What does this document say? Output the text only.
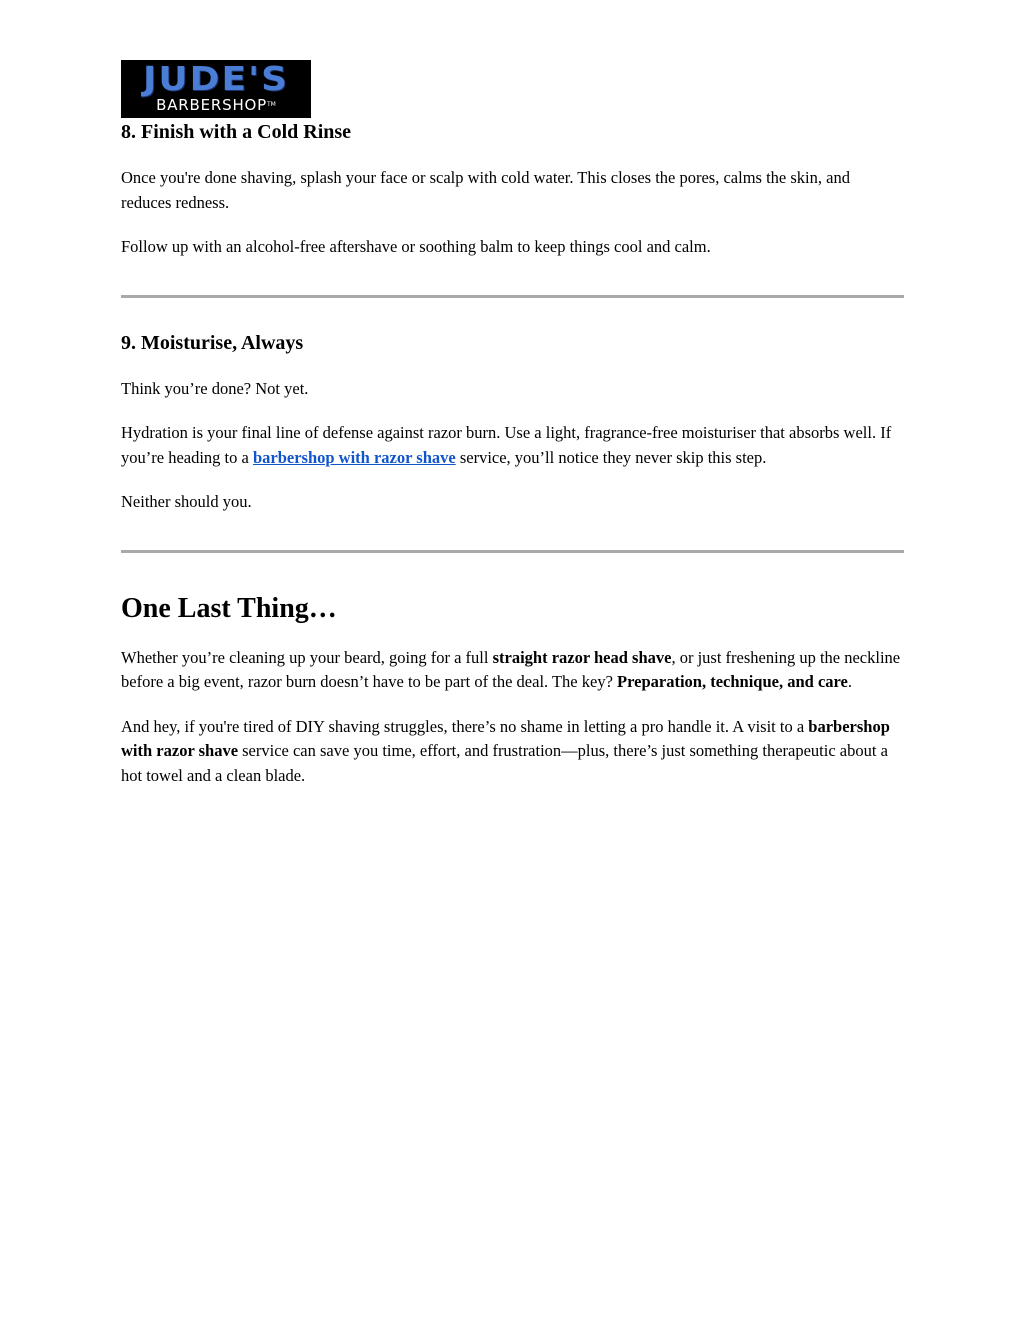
JUDE'S
BARBERSHOP™
8. Finish with a Cold Rinse

Once you're done shaving, splash your face or scalp with cold water. This closes the pores, calms the skin, and reduces redness.

Follow up with an alcohol-free aftershave or soothing balm to keep things cool and calm.

9. Moisturise, Always

Think you’re done? Not yet.

Hydration is your final line of defense against razor burn. Use a light, fragrance-free moisturiser that absorbs well. If you’re heading to a barbershop with razor shave service, you’ll notice they never skip this step.

Neither should you.

One Last Thing…

Whether you’re cleaning up your beard, going for a full straight razor head shave, or just freshening up the neckline before a big event, razor burn doesn’t have to be part of the deal. The key? Preparation, technique, and care.

And hey, if you're tired of DIY shaving struggles, there’s no shame in letting a pro handle it. A visit to a barbershop with razor shave service can save you time, effort, and frustration—plus, there’s just something therapeutic about a hot towel and a clean blade.
